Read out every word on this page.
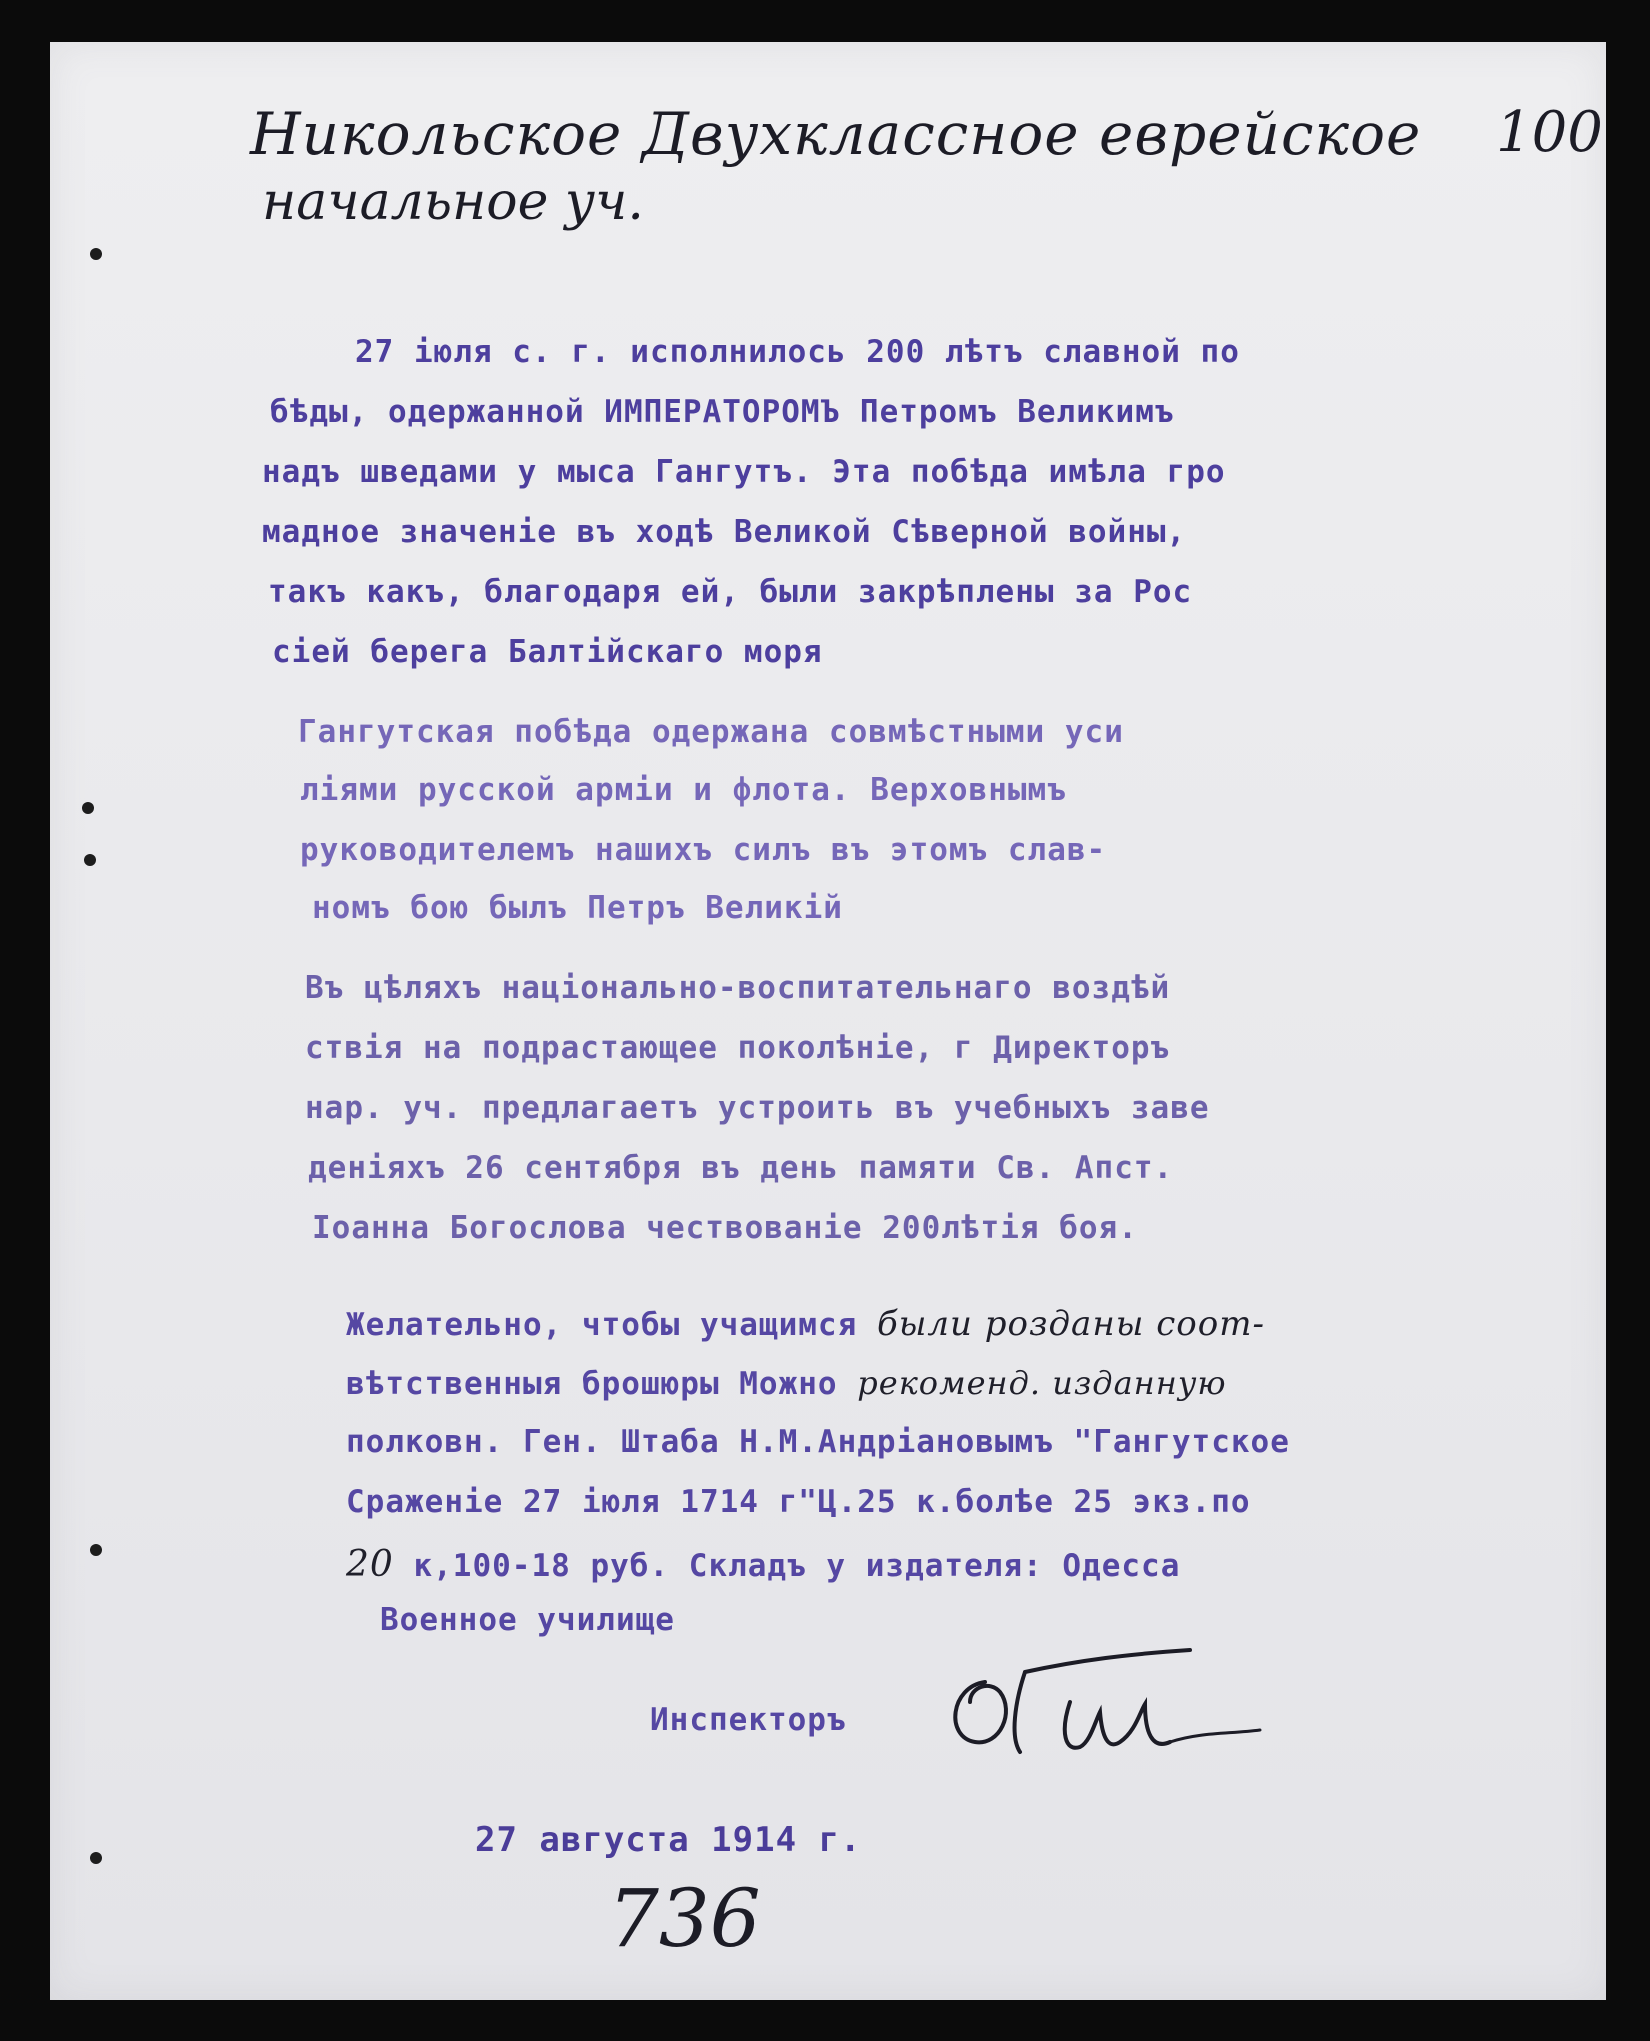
Никольское Двухклассное еврейское
начальное уч.
100
27 іюля с. г. исполнилось 200 лѣтъ славной по
бѣды, одержанной ИМПЕРАТОРОМЪ Петромъ Великимъ
надъ шведами у мыса Гангутъ. Эта побѣда имѣла гро
мадное значеніе въ ходѣ Великой Сѣверной войны,
такъ какъ, благодаря ей, были закрѣплены за Рос
сіей берега Балтійскаго моря
Гангутская побѣда одержана совмѣстными уси
ліями русской арміи и флота. Верховнымъ
руководителемъ нашихъ силъ въ этомъ слав-
номъ бою былъ Петръ Великій
Въ цѣляхъ національно-воспитательнаго воздѣй
ствія на подрастающее поколѣніе, г Директоръ
нар. уч. предлагаетъ устроить въ учебныхъ заве
деніяхъ 26 сентября въ день памяти Св. Апст.
Іоанна Богослова чествованіе 200лѣтія боя.
Желательно, чтобы учащимся были розданы соот-
вѣтственныя брошюры Можно рекоменд. изданную
полковн. Ген. Штаба Н.М.Андріановымъ "Гангутское
Сраженіе 27 іюля 1714 г"Ц.25 к.болѣе 25 экз.по
20 к,100-18 руб. Складъ у издателя: Одесса
Военное училище
Инспекторъ
27 августа 1914 г.
736
